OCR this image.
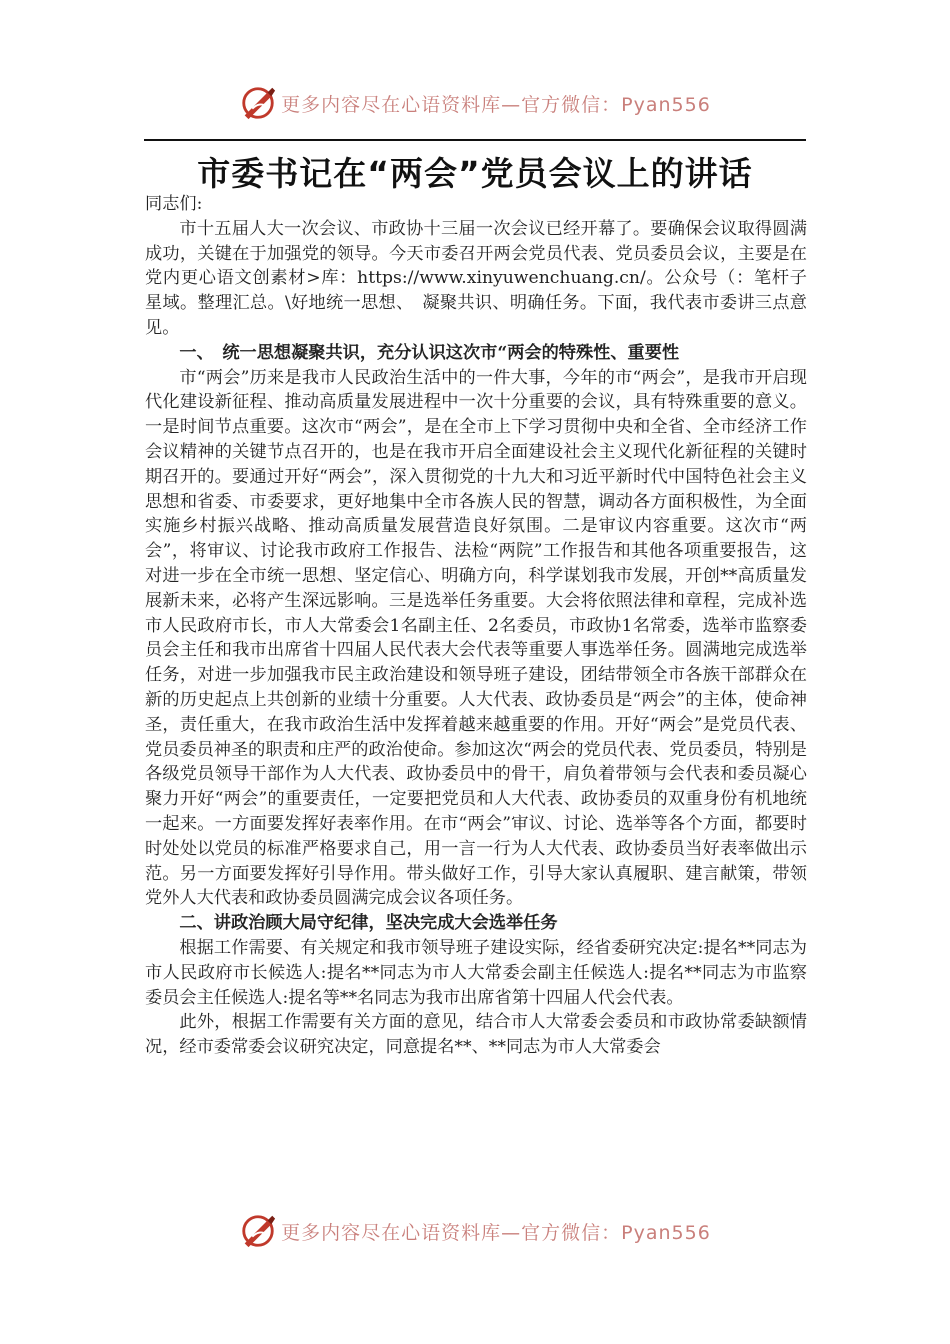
更多内容尽在心语资料库—官方微信：Pyan556
市委书记在“两会”党员会议上的讲话

同志们:

市十五届人大一次会议、市政协十三届一次会议已经开幕了。要确保会议取得圆满成功，关键在于加强党的领导。今天市委召开两会党员代表、党员委员会议，主要是在党内更心语文创素材>库：https://www.xinyuwenchuang.cn/。公众号（：笔杆子星域。整理汇总。\好地统一思想、　凝聚共识、明确任务。下面，我代表市委讲三点意见。

一、　统一思想凝聚共识，充分认识这次市“两会的特殊性、重要性

市“两会”历来是我市人民政治生活中的一件大事，今年的市“两会”，是我市开启现代化建设新征程、推动高质量发展进程中一次十分重要的会议，具有特殊重要的意义。一是时间节点重要。这次市“两会”，是在全市上下学习贯彻中央和全省、全市经济工作会议精神的关键节点召开的，也是在我市开启全面建设社会主义现代化新征程的关键时期召开的。要通过开好“两会”，深入贯彻党的十九大和习近平新时代中国特色社会主义思想和省委、市委要求，更好地集中全市各族人民的智慧，调动各方面积极性，为全面实施乡村振兴战略、推动高质量发展营造良好氛围。二是审议内容重要。这次市“两会”，将审议、讨论我市政府工作报告、法检“两院”工作报告和其他各项重要报告，这对进一步在全市统一思想、坚定信心、明确方向，科学谋划我市发展，开创**高质量发展新未来，必将产生深远影响。三是选举任务重要。大会将依照法律和章程，完成补选市人民政府市长，市人大常委会1名副主任、2名委员，市政协1名常委，选举市监察委员会主任和我市出席省十四届人民代表大会代表等重要人事选举任务。圆满地完成选举任务，对进一步加强我市民主政治建设和领导班子建设，团结带领全市各族干部群众在新的历史起点上共创新的业绩十分重要。人大代表、政协委员是“两会”的主体，使命神圣，责任重大，在我市政治生活中发挥着越来越重要的作用。开好“两会”是党员代表、党员委员神圣的职责和庄严的政治使命。参加这次“两会的党员代表、党员委员，特别是各级党员领导干部作为人大代表、政协委员中的骨干，肩负着带领与会代表和委员凝心聚力开好“两会”的重要责任，一定要把党员和人大代表、政协委员的双重身份有机地统一起来。一方面要发挥好表率作用。在市“两会”审议、讨论、选举等各个方面，都要时时处处以党员的标准严格要求自己，用一言一行为人大代表、政协委员当好表率做出示范。另一方面要发挥好引导作用。带头做好工作，引导大家认真履职、建言献策，带领党外人大代表和政协委员圆满完成会议各项任务。

二、讲政治顾大局守纪律，坚决完成大会选举任务

根据工作需要、有关规定和我市领导班子建设实际，经省委研究决定:提名**同志为市人民政府市长候选人:提名**同志为市人大常委会副主任候选人:提名**同志为市监察委员会主任候选人:提名等**名同志为我市出席省第十四届人代会代表。

此外，根据工作需要有关方面的意见，结合市人大常委会委员和市政协常委缺额情况，经市委常委会议研究决定，同意提名**、**同志为市人大常委会

更多内容尽在心语资料库—官方微信：Pyan556
